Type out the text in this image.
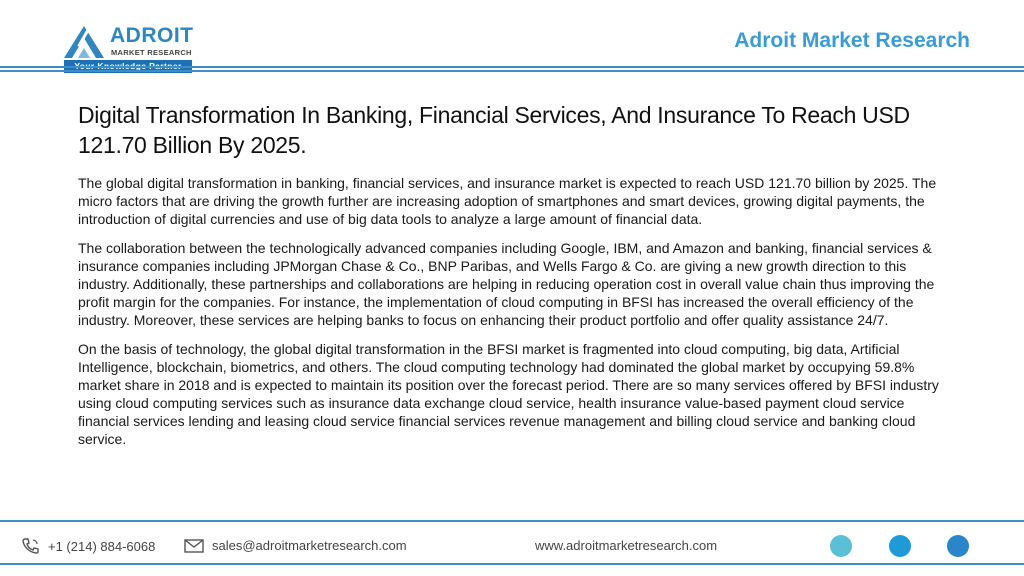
ADROIT
MARKET RESEARCH
Adroit Market Research
Digital Transformation In Banking, Financial Services, And Insurance To Reach USD 121.70 Billion By 2025.

The global digital transformation in banking, financial services, and insurance market is expected to reach USD 121.70 billion by 2025. The micro factors that are driving the growth further are increasing adoption of smartphones and smart devices, growing digital payments, the introduction of digital currencies and use of big data tools to analyze a large amount of financial data.

The collaboration between the technologically advanced companies including Google, IBM, and Amazon and banking, financial services & insurance companies including JPMorgan Chase & Co., BNP Paribas, and Wells Fargo & Co. are giving a new growth direction to this industry. Additionally, these partnerships and collaborations are helping in reducing operation cost in overall value chain thus improving the profit margin for the companies. For instance, the implementation of cloud computing in BFSI has increased the overall efficiency of the industry. Moreover, these services are helping banks to focus on enhancing their product portfolio and offer quality assistance 24/7.

On the basis of technology, the global digital transformation in the BFSI market is fragmented into cloud computing, big data, Artificial Intelligence, blockchain, biometrics, and others. The cloud computing technology had dominated the global market by occupying 59.8% market share in 2018 and is expected to maintain its position over the forecast period. There are so many services offered by BFSI industry using cloud computing services such as insurance data exchange cloud service, health insurance value-based payment cloud service financial services lending and leasing cloud service financial services revenue management and billing cloud service and banking cloud service.

+1 (214) 884-6068	sales@adroitmarketresearch.com	www.adroitmarketresearch.com
